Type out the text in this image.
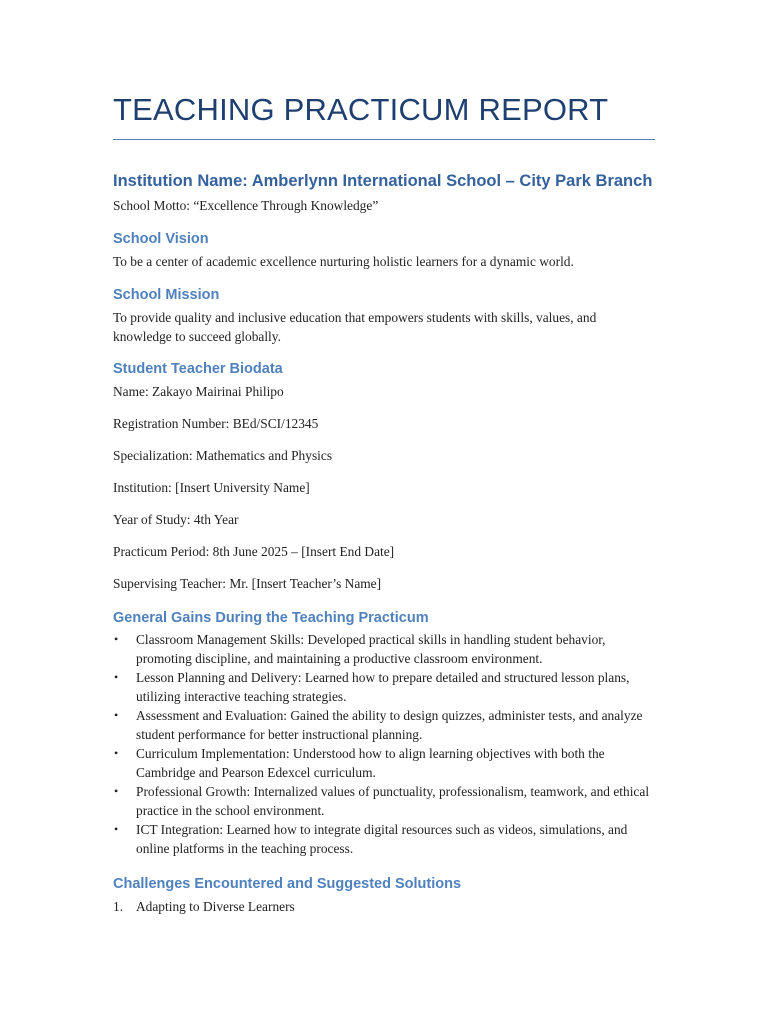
TEACHING PRACTICUM REPORT
Institution Name: Amberlynn International School – City Park Branch

School Motto: “Excellence Through Knowledge”

School Vision

To be a center of academic excellence nurturing holistic learners for a dynamic world.

School Mission

To provide quality and inclusive education that empowers students with skills, values, and knowledge to succeed globally.

Student Teacher Biodata

Name: Zakayo Mairinai Philipo

Registration Number: BEd/SCI/12345

Specialization: Mathematics and Physics

Institution: [Insert University Name]

Year of Study: 4th Year

Practicum Period: 8th June 2025 – [Insert End Date]

Supervising Teacher: Mr. [Insert Teacher’s Name]

General Gains During the Teaching Practicum
• Classroom Management Skills: Developed practical skills in handling student behavior, promoting discipline, and maintaining a productive classroom environment.
• Lesson Planning and Delivery: Learned how to prepare detailed and structured lesson plans, utilizing interactive teaching strategies.
• Assessment and Evaluation: Gained the ability to design quizzes, administer tests, and analyze student performance for better instructional planning.
• Curriculum Implementation: Understood how to align learning objectives with both the Cambridge and Pearson Edexcel curriculum.
• Professional Growth: Internalized values of punctuality, professionalism, teamwork, and ethical practice in the school environment.
• ICT Integration: Learned how to integrate digital resources such as videos, simulations, and online platforms in the teaching process.
Challenges Encountered and Suggested Solutions
1. Adapting to Diverse Learners
